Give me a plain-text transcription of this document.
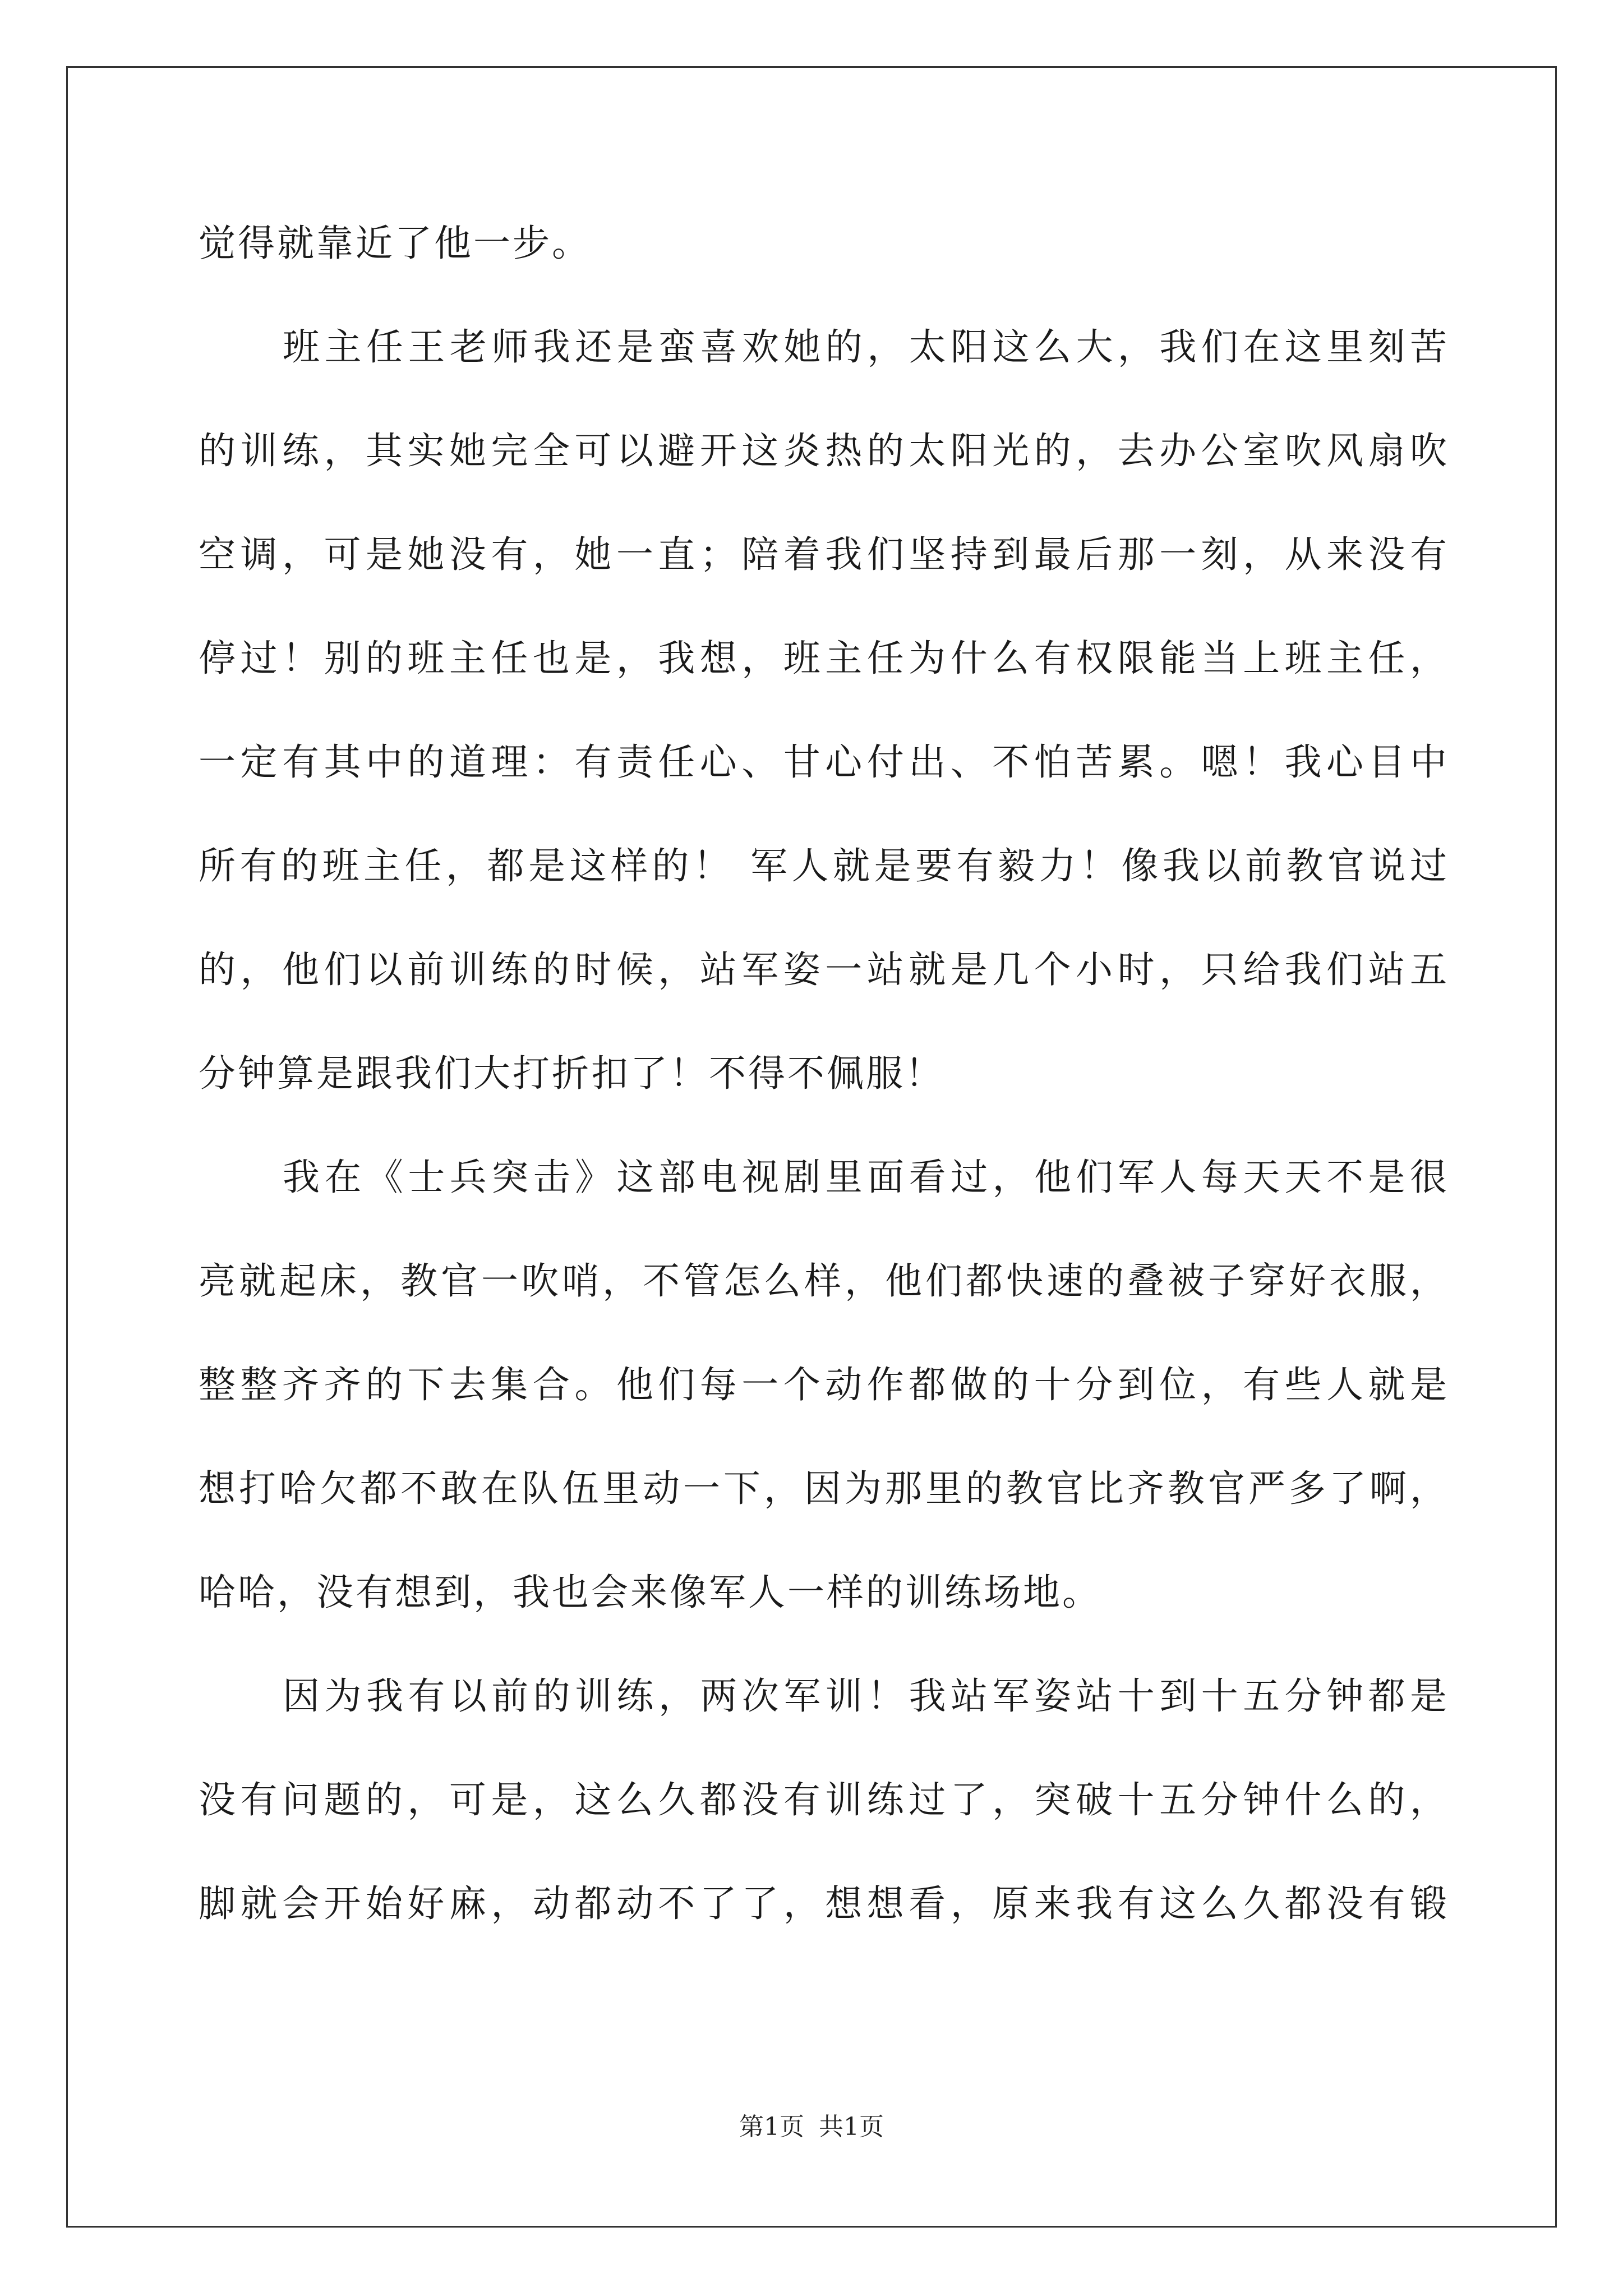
觉得就靠近了他一步。
班主任王老师我还是蛮喜欢她的，太阳这么大，我们在这里刻苦
的训练，其实她完全可以避开这炎热的太阳光的，去办公室吹风扇吹
空调，可是她没有，她一直；陪着我们坚持到最后那一刻，从来没有
停过！别的班主任也是，我想，班主任为什么有权限能当上班主任，
一定有其中的道理：有责任心、甘心付出、不怕苦累。嗯！我心目中
所有的班主任，都是这样的！ 军人就是要有毅力！像我以前教官说过
的，他们以前训练的时候，站军姿一站就是几个小时，只给我们站五
分钟算是跟我们大打折扣了！不得不佩服！
我在《士兵突击》这部电视剧里面看过，他们军人每天天不是很
亮就起床，教官一吹哨，不管怎么样，他们都快速的叠被子穿好衣服，
整整齐齐的下去集合。他们每一个动作都做的十分到位，有些人就是
想打哈欠都不敢在队伍里动一下，因为那里的教官比齐教官严多了啊，
哈哈，没有想到，我也会来像军人一样的训练场地。
因为我有以前的训练，两次军训！我站军姿站十到十五分钟都是
没有问题的，可是，这么久都没有训练过了，突破十五分钟什么的，
脚就会开始好麻，动都动不了了，想想看，原来我有这么久都没有锻
第1页 共1页
